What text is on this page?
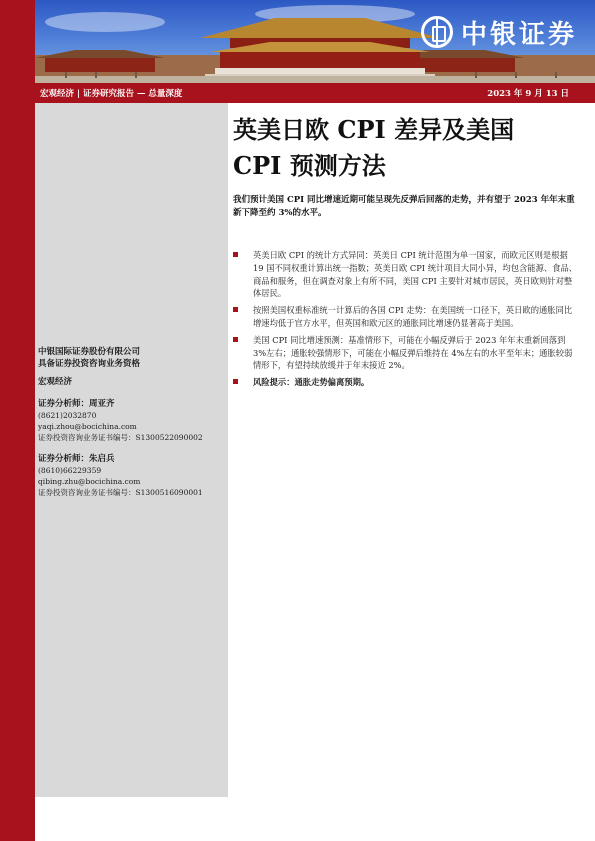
中银证券
宏观经济 | 证券研究报告 — 总量深度	2023 年 9 月 13 日
中银国际证券股份有限公司
具备证券投资咨询业务资格
宏观经济
证券分析师：周亚齐
(8621)2032870
yaqi.zhou@bocichina.com
证券投资咨询业务证书编号：S1300522090002
证券分析师：朱启兵
(8610)66229359
qibing.zhu@bocichina.com
证券投资咨询业务证书编号：S1300516090001
英美日欧 CPI 差异及美国
CPI 预测方法
我们预计美国 CPI 同比增速近期可能呈现先反弹后回落的走势，并有望于 2023 年年末重新下降至约 3%的水平。
英美日欧 CPI 的统计方式异同：英美日 CPI 统计范围为单一国家，而欧元区则是根据 19 国不同权重计算出统一指数；英美日欧 CPI 统计项目大同小异，均包含能源、食品、商品和服务，但在调查对象上有所不同，美国 CPI 主要针对城市居民，英日欧则针对整体居民。
按照美国权重标准统一计算后的各国 CPI 走势：在美国统一口径下，英日欧的通胀同比增速均低于官方水平，但英国和欧元区的通胀同比增速仍显著高于美国。
美国 CPI 同比增速预测：基准情形下，可能在小幅反弹后于 2023 年年末重新回落到 3%左右；通胀较强情形下，可能在小幅反弹后维持在 4%左右的水平至年末；通胀较弱情形下，有望持续放缓并于年末接近 2%。
风险提示：通胀走势偏离预期。
